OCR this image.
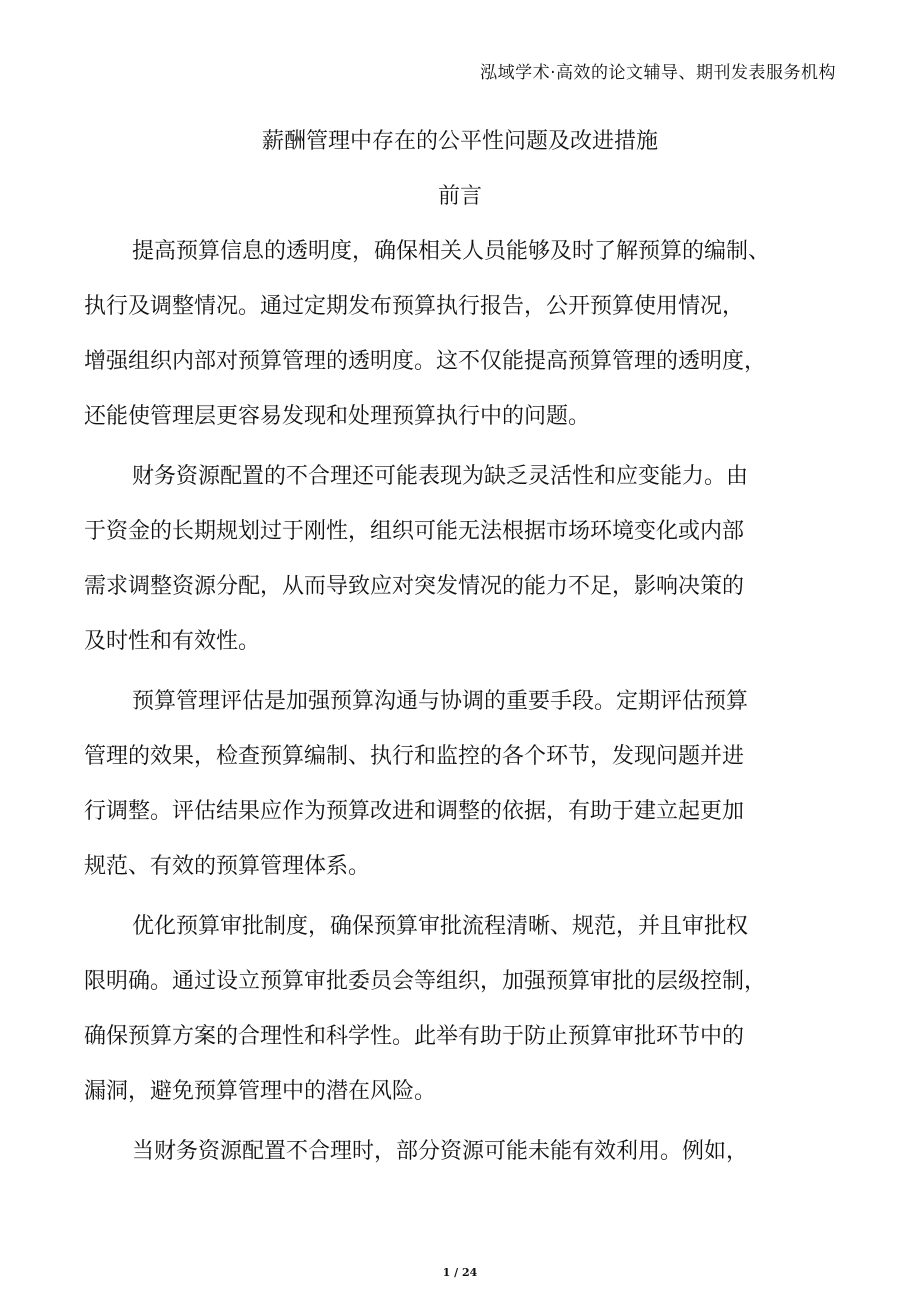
泓域学术·高效的论文辅导、期刊发表服务机构
薪酬管理中存在的公平性问题及改进措施
前言
提高预算信息的透明度，确保相关人员能够及时了解预算的编制、
执行及调整情况。通过定期发布预算执行报告，公开预算使用情况，
增强组织内部对预算管理的透明度。这不仅能提高预算管理的透明度，
还能使管理层更容易发现和处理预算执行中的问题。
财务资源配置的不合理还可能表现为缺乏灵活性和应变能力。由
于资金的长期规划过于刚性，组织可能无法根据市场环境变化或内部
需求调整资源分配，从而导致应对突发情况的能力不足，影响决策的
及时性和有效性。
预算管理评估是加强预算沟通与协调的重要手段。定期评估预算
管理的效果，检查预算编制、执行和监控的各个环节，发现问题并进
行调整。评估结果应作为预算改进和调整的依据，有助于建立起更加
规范、有效的预算管理体系。
优化预算审批制度，确保预算审批流程清晰、规范，并且审批权
限明确。通过设立预算审批委员会等组织，加强预算审批的层级控制，
确保预算方案的合理性和科学性。此举有助于防止预算审批环节中的
漏洞，避免预算管理中的潜在风险。
当财务资源配置不合理时，部分资源可能未能有效利用。例如，
1 / 24
